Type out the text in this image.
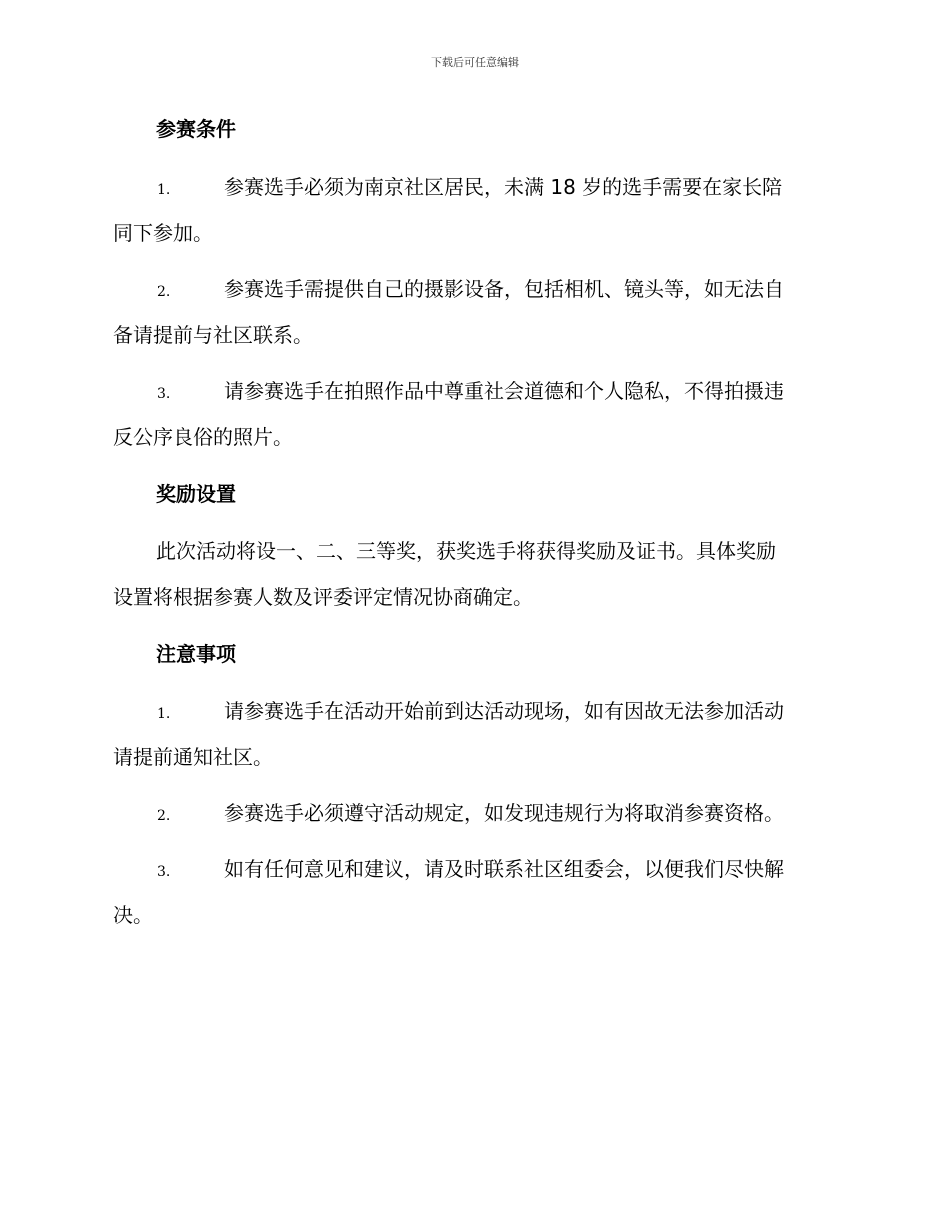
下载后可任意编辑
参赛条件
1.	参赛选手必须为南京社区居民，未满 18 岁的选手需要在家长陪
同下参加。
2.	参赛选手需提供自己的摄影设备，包括相机、镜头等，如无法自
备请提前与社区联系。
3.	请参赛选手在拍照作品中尊重社会道德和个人隐私，不得拍摄违
反公序良俗的照片。
奖励设置
此次活动将设一、二、三等奖，获奖选手将获得奖励及证书。具体奖励
设置将根据参赛人数及评委评定情况协商确定。
注意事项
1.	请参赛选手在活动开始前到达活动现场，如有因故无法参加活动
请提前通知社区。
2.	参赛选手必须遵守活动规定，如发现违规行为将取消参赛资格。
3.	如有任何意见和建议，请及时联系社区组委会，以便我们尽快解
决。
